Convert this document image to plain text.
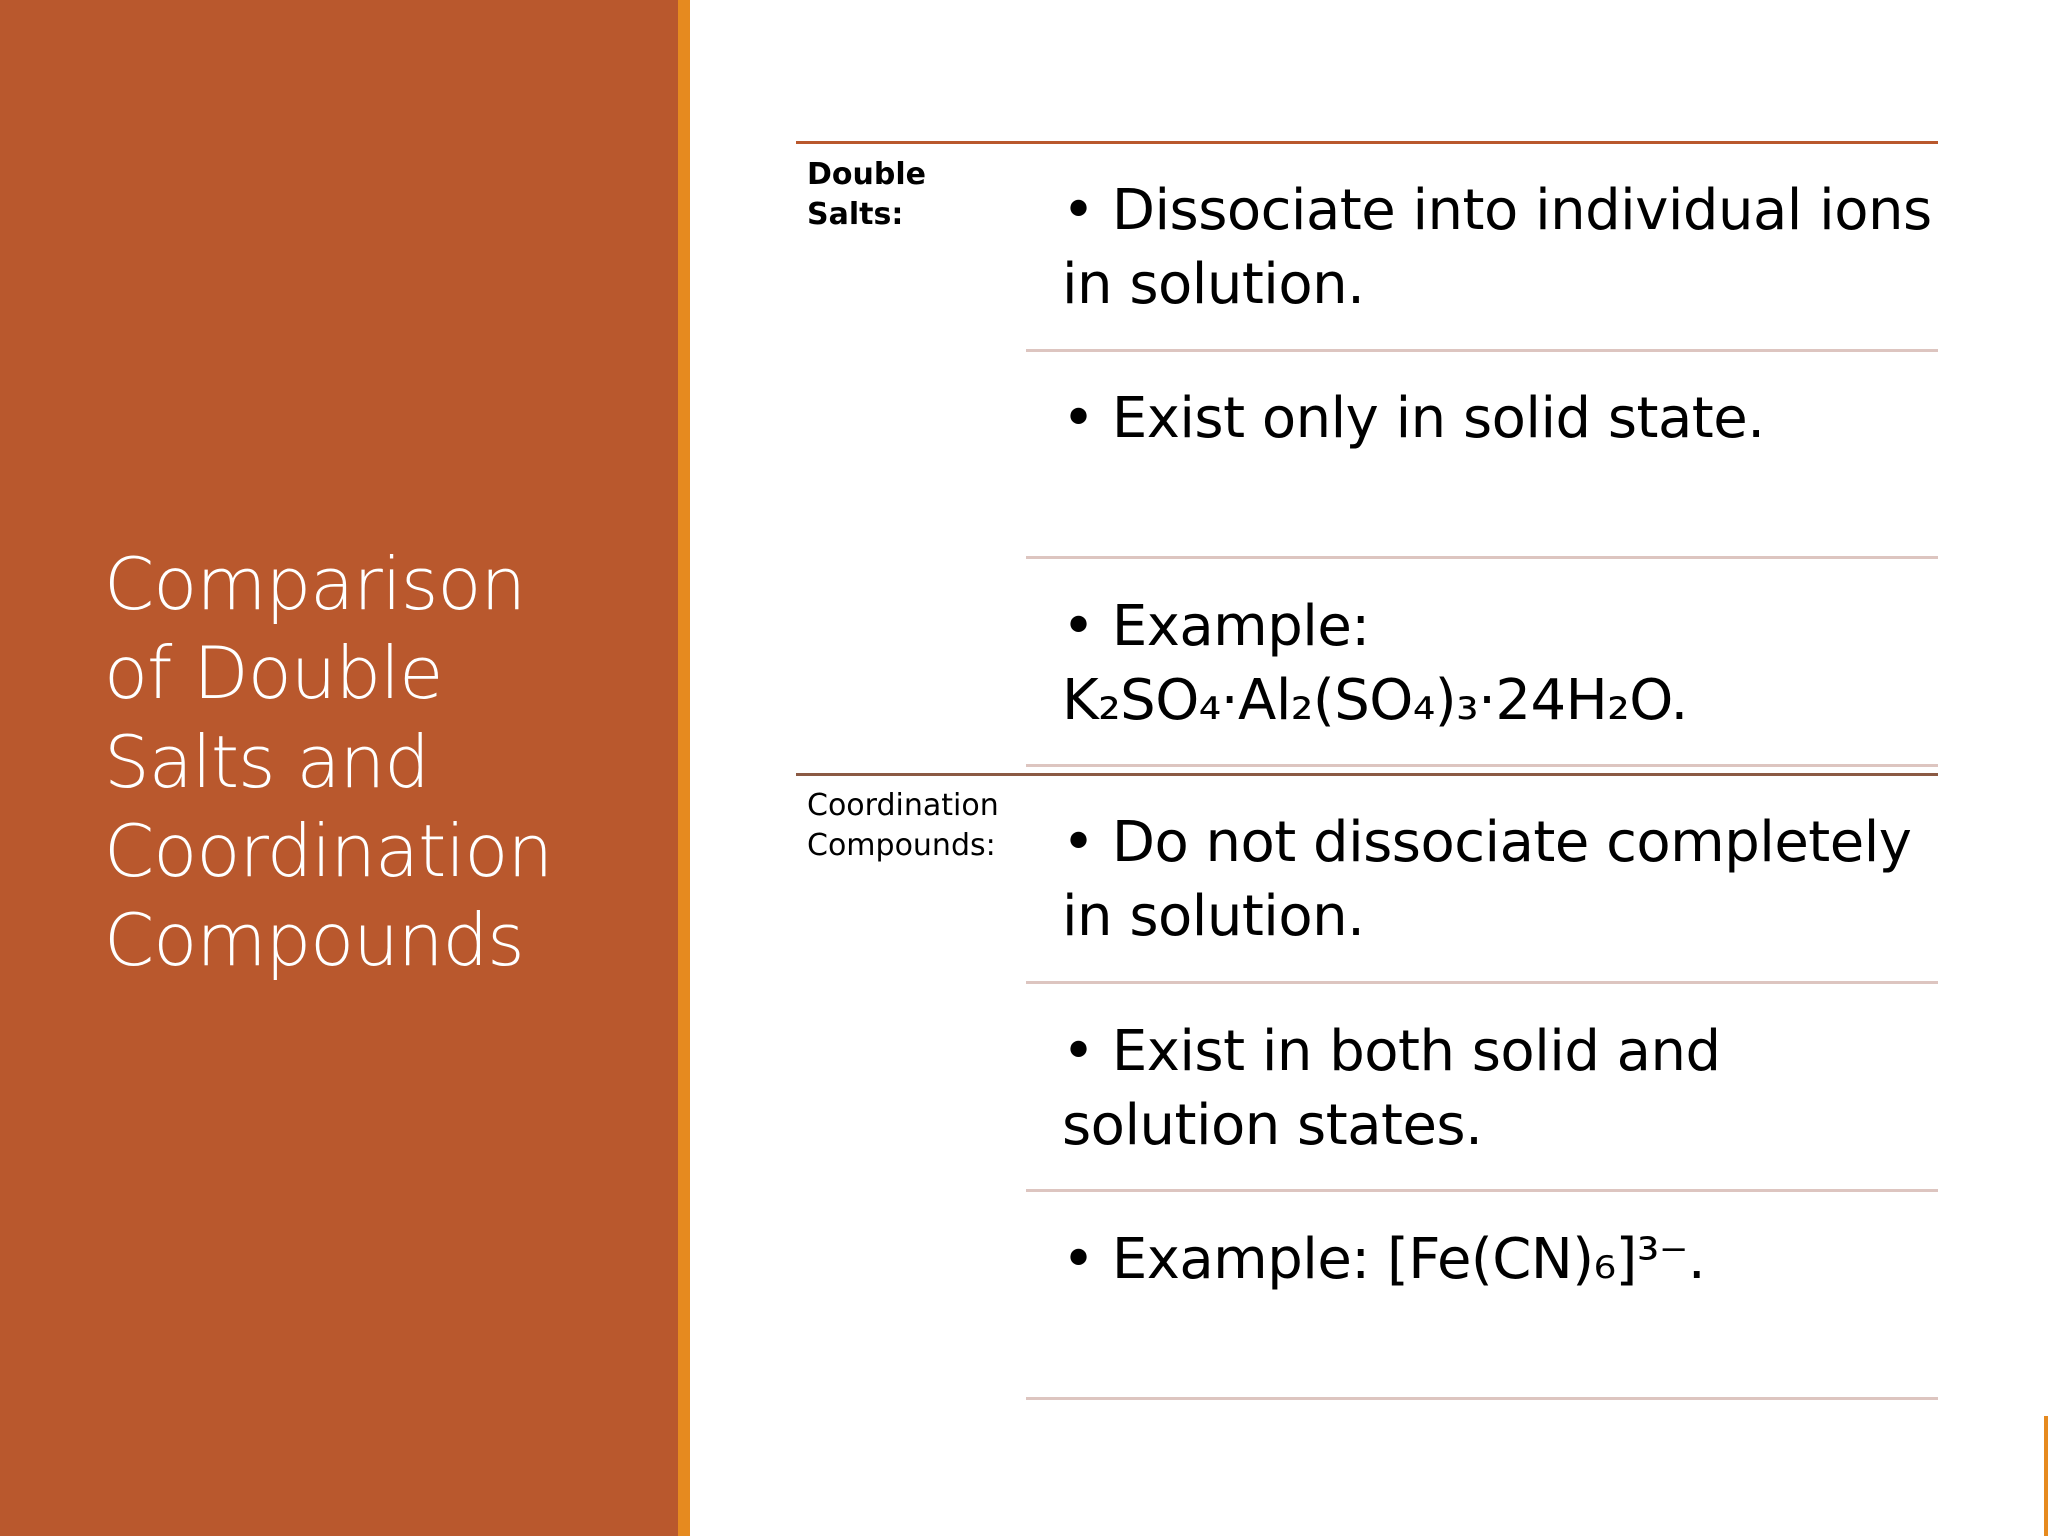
Comparison
of Double
Salts and
Coordination
Compounds
Double Salts:	• Dissociate into individual ions in solution.
• Exist only in solid state.
• Example: K₂SO₄·Al₂(SO₄)₃·24H₂O.
Coordination Compounds:	• Do not dissociate completely in solution.
• Exist in both solid and solution states.
• Example: [Fe(CN)₆]³⁻.
